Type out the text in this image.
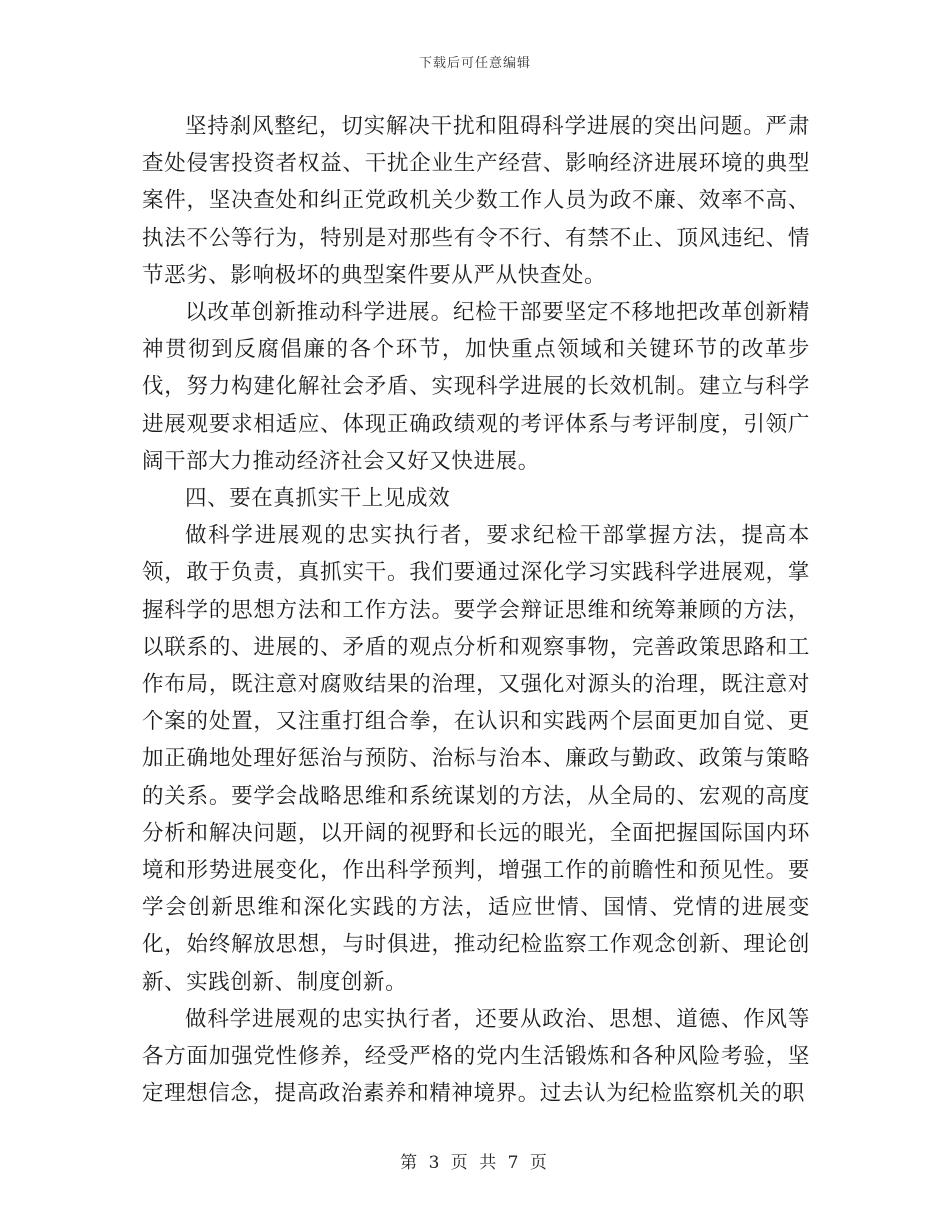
下载后可任意编辑

坚持刹风整纪，切实解决干扰和阻碍科学进展的突出问题。严肃查处侵害投资者权益、干扰企业生产经营、影响经济进展环境的典型案件，坚决查处和纠正党政机关少数工作人员为政不廉、效率不高、执法不公等行为，特别是对那些有令不行、有禁不止、顶风违纪、情节恶劣、影响极坏的典型案件要从严从快查处。

以改革创新推动科学进展。纪检干部要坚定不移地把改革创新精神贯彻到反腐倡廉的各个环节，加快重点领域和关键环节的改革步伐，努力构建化解社会矛盾、实现科学进展的长效机制。建立与科学进展观要求相适应、体现正确政绩观的考评体系与考评制度，引领广阔干部大力推动经济社会又好又快进展。

四、要在真抓实干上见成效

做科学进展观的忠实执行者，要求纪检干部掌握方法，提高本领，敢于负责，真抓实干。我们要通过深化学习实践科学进展观，掌握科学的思想方法和工作方法。要学会辩证思维和统筹兼顾的方法，以联系的、进展的、矛盾的观点分析和观察事物，完善政策思路和工作布局，既注意对腐败结果的治理，又强化对源头的治理，既注意对个案的处置，又注重打组合拳，在认识和实践两个层面更加自觉、更加正确地处理好惩治与预防、治标与治本、廉政与勤政、政策与策略的关系。要学会战略思维和系统谋划的方法，从全局的、宏观的高度分析和解决问题，以开阔的视野和长远的眼光，全面把握国际国内环境和形势进展变化，作出科学预判，增强工作的前瞻性和预见性。要学会创新思维和深化实践的方法，适应世情、国情、党情的进展变化，始终解放思想，与时俱进，推动纪检监察工作观念创新、理论创新、实践创新、制度创新。

做科学进展观的忠实执行者，还要从政治、思想、道德、作风等各方面加强党性修养，经受严格的党内生活锻炼和各种风险考验，坚定理想信念，提高政治素养和精神境界。过去认为纪检监察机关的职

第 3 页 共 7 页
